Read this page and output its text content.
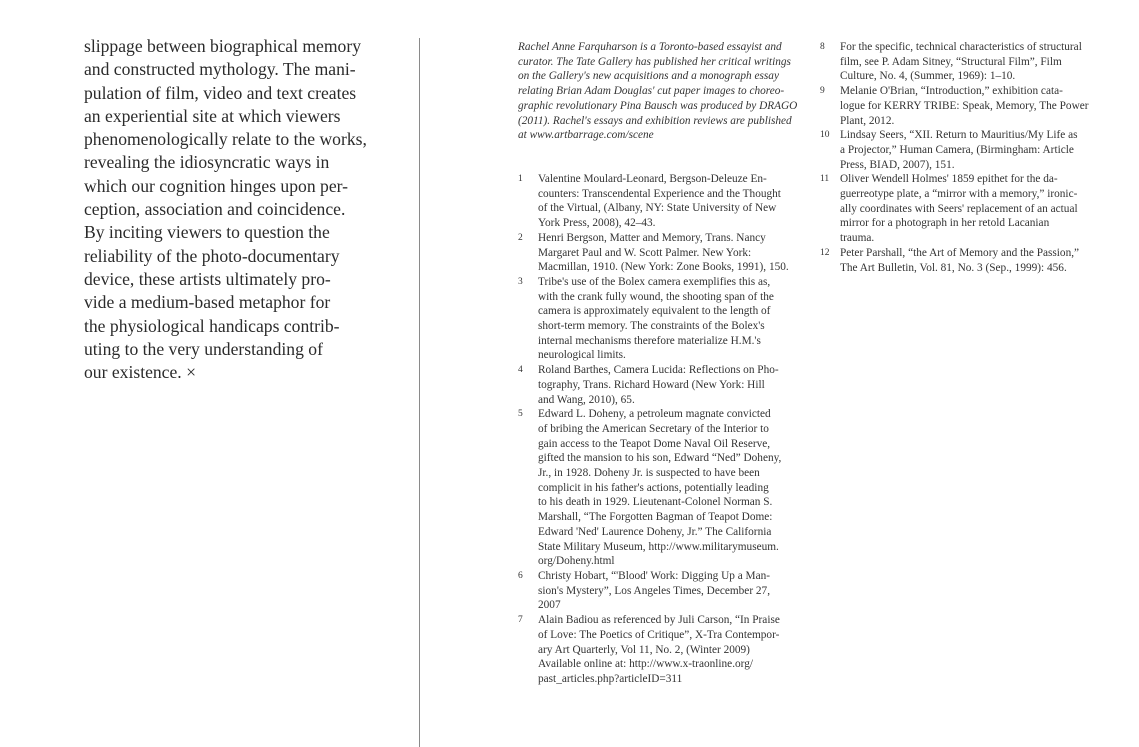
slippage between biographical memory
and constructed mythology. The mani-
pulation of film, video and text creates
an experiential site at which viewers
phenomenologically relate to the works,
revealing the idiosyncratic ways in
which our cognition hinges upon per-
ception, association and coincidence.
By inciting viewers to question the
reliability of the photo-documentary
device, these artists ultimately pro-
vide a medium-based metaphor for
the physiological handicaps contrib-
uting to the very understanding of
our existence. ×

Rachel Anne Farquharson is a Toronto-based essayist and
curator. The Tate Gallery has published her critical writings
on the Gallery's new acquisitions and a monograph essay
relating Brian Adam Douglas' cut paper images to choreo-
graphic revolutionary Pina Bausch was produced by DRAGO
(2011). Rachel's essays and exhibition reviews are published
at www.artbarrage.com/scene

1 Valentine Moulard-Leonard, Bergson-Deleuze En-
counters: Transcendental Experience and the Thought
of the Virtual, (Albany, NY: State University of New
York Press, 2008), 42–43.
2 Henri Bergson, Matter and Memory, Trans. Nancy
Margaret Paul and W. Scott Palmer. New York:
Macmillan, 1910. (New York: Zone Books, 1991), 150.
3 Tribe's use of the Bolex camera exemplifies this as,
with the crank fully wound, the shooting span of the
camera is approximately equivalent to the length of
short-term memory. The constraints of the Bolex's
internal mechanisms therefore materialize H.M.'s
neurological limits.
4 Roland Barthes, Camera Lucida: Reflections on Pho-
tography, Trans. Richard Howard (New York: Hill
and Wang, 2010), 65.
5 Edward L. Doheny, a petroleum magnate convicted
of bribing the American Secretary of the Interior to
gain access to the Teapot Dome Naval Oil Reserve,
gifted the mansion to his son, Edward “Ned” Doheny,
Jr., in 1928. Doheny Jr. is suspected to have been
complicit in his father's actions, potentially leading
to his death in 1929. Lieutenant-Colonel Norman S.
Marshall, “The Forgotten Bagman of Teapot Dome:
Edward 'Ned' Laurence Doheny, Jr.” The California
State Military Museum, http://www.militarymuseum.
org/Doheny.html
6 Christy Hobart, “'Blood' Work: Digging Up a Man-
sion's Mystery”, Los Angeles Times, December 27,
2007
7 Alain Badiou as referenced by Juli Carson, “In Praise
of Love: The Poetics of Critique”, X-Tra Contempor-
ary Art Quarterly, Vol 11, No. 2, (Winter 2009)
Available online at: http://www.x-traonline.org/
past_articles.php?articleID=311
8 For the specific, technical characteristics of structural
film, see P. Adam Sitney, “Structural Film”, Film
Culture, No. 4, (Summer, 1969): 1–10.
9 Melanie O'Brian, “Introduction,” exhibition cata-
logue for KERRY TRIBE: Speak, Memory, The Power
Plant, 2012.
10 Lindsay Seers, “XII. Return to Mauritius/My Life as
a Projector,” Human Camera, (Birmingham: Article
Press, BIAD, 2007), 151.
11 Oliver Wendell Holmes' 1859 epithet for the da-
guerreotype plate, a “mirror with a memory,” ironic-
ally coordinates with Seers' replacement of an actual
mirror for a photograph in her retold Lacanian
trauma.
12 Peter Parshall, “the Art of Memory and the Passion,”
The Art Bulletin, Vol. 81, No. 3 (Sep., 1999): 456.
